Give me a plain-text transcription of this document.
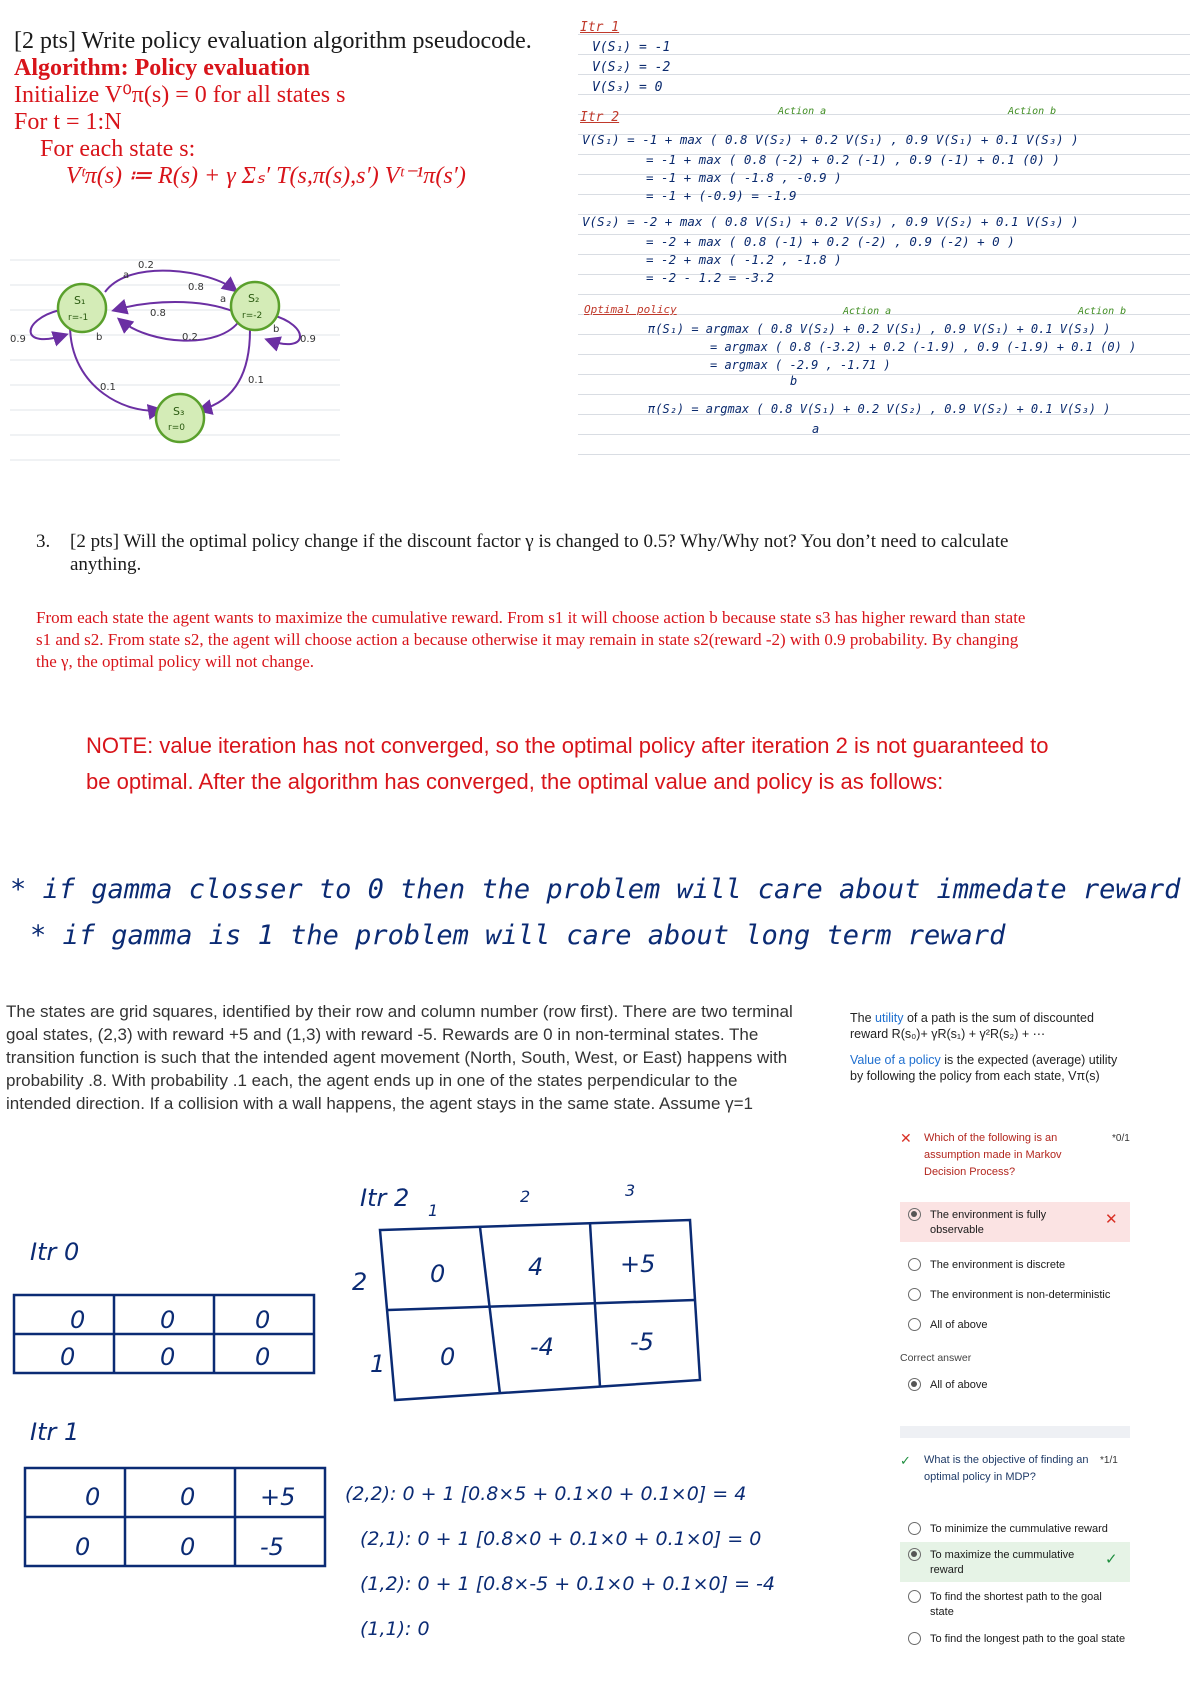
[2 pts] Write policy evaluation algorithm pseudocode.
Algorithm: Policy evaluation
Initialize V⁰π(s) = 0 for all states s
For t = 1:N
For each state s:
Vᵗπ(s) ≔ R(s) + γ Σₛ′ T(s,π(s),s′) Vᵗ⁻¹π(s′)
S₁
r=-1
S₂
r=-2
S₃
r=0
0.2
0.8
0.8
0.2
0.9	0.9
0.1
0.1
a
a
b
b
Itr 1
V(S₁) = -1
V(S₂) = -2
V(S₃) = 0
Itr 2	Action a	Action b
V(S₁) = -1 + max ( 0.8 V(S₂) + 0.2 V(S₁) , 0.9 V(S₁) + 0.1 V(S₃) )
= -1 + max ( 0.8 (-2) + 0.2 (-1) , 0.9 (-1) + 0.1 (0) )
= -1 + max ( -1.8 , -0.9 )
= -1 + (-0.9) = -1.9
V(S₂) = -2 + max ( 0.8 V(S₁) + 0.2 V(S₃) , 0.9 V(S₂) + 0.1 V(S₃) )
= -2 + max ( 0.8 (-1) + 0.2 (-2) , 0.9 (-2) + 0 )
= -2 + max ( -1.2 , -1.8 )
= -2 - 1.2 = -3.2
Optimal policy	Action a	Action b
π(S₁) = argmax ( 0.8 V(S₂) + 0.2 V(S₁) , 0.9 V(S₁) + 0.1 V(S₃) )
= argmax ( 0.8 (-3.2) + 0.2 (-1.9) , 0.9 (-1.9) + 0.1 (0) )
= argmax ( -2.9 , -1.71 )
b
π(S₂) = argmax ( 0.8 V(S₁) + 0.2 V(S₂) , 0.9 V(S₂) + 0.1 V(S₃) )
a
3.	[2 pts] Will the optimal policy change if the discount factor γ is changed to 0.5? Why/Why not? You don’t need to calculate anything.
From each state the agent wants to maximize the cumulative reward. From s1 it will choose action b because state s3 has higher reward than state s1 and s2. From state s2, the agent will choose action a because otherwise it may remain in state s2(reward -2) with 0.9 probability. By changing the γ, the optimal policy will not change.
NOTE: value iteration has not converged, so the optimal policy after iteration 2 is not guaranteed to be optimal. After the algorithm has converged, the optimal value and policy is as follows:
* if gamma closser to 0 then the problem will care about immedate reward
* if gamma is 1 the problem will care about long term reward
The states are grid squares, identified by their row and column number (row first). There are two terminal goal states, (2,3) with reward +5 and (1,3) with reward -5. Rewards are 0 in non-terminal states. The transition function is such that the intended agent movement (North, South, West, or East) happens with probability .8. With probability .1 each, the agent ends up in one of the states perpendicular to the intended direction. If a collision with a wall happens, the agent stays in the same state. Assume γ=1
The utility of a path is the sum of discounted reward R(s₀)+ γR(s₁) + γ²R(s₂) + ⋯
Value of a policy is the expected (average) utility by following the policy from each state, Vπ(s)
Itr 0
0	0	0
0	0	0
Itr 1
0	0	+5
0	0	-5
Itr 2 1
2	3
2
1
0	4	+5
0	-4	-5
(2,2): 0 + 1 [0.8×5 + 0.1×0 + 0.1×0] = 4
(2,1): 0 + 1 [0.8×0 + 0.1×0 + 0.1×0] = 0
(1,2): 0 + 1 [0.8×-5 + 0.1×0 + 0.1×0] = -4
(1,1): 0
✕	Which of the following is an assumption made in Markov Decision Process?
*0/1
The environment is fully observable
✕
The environment is discrete
The environment is non-deterministic
All of above
Correct answer
All of above
✓	What is the objective of finding an optimal policy in MDP?
*1/1
To minimize the cummulative reward
To maximize the cummulative reward
✓
To find the shortest path to the goal state
To find the longest path to the goal state
